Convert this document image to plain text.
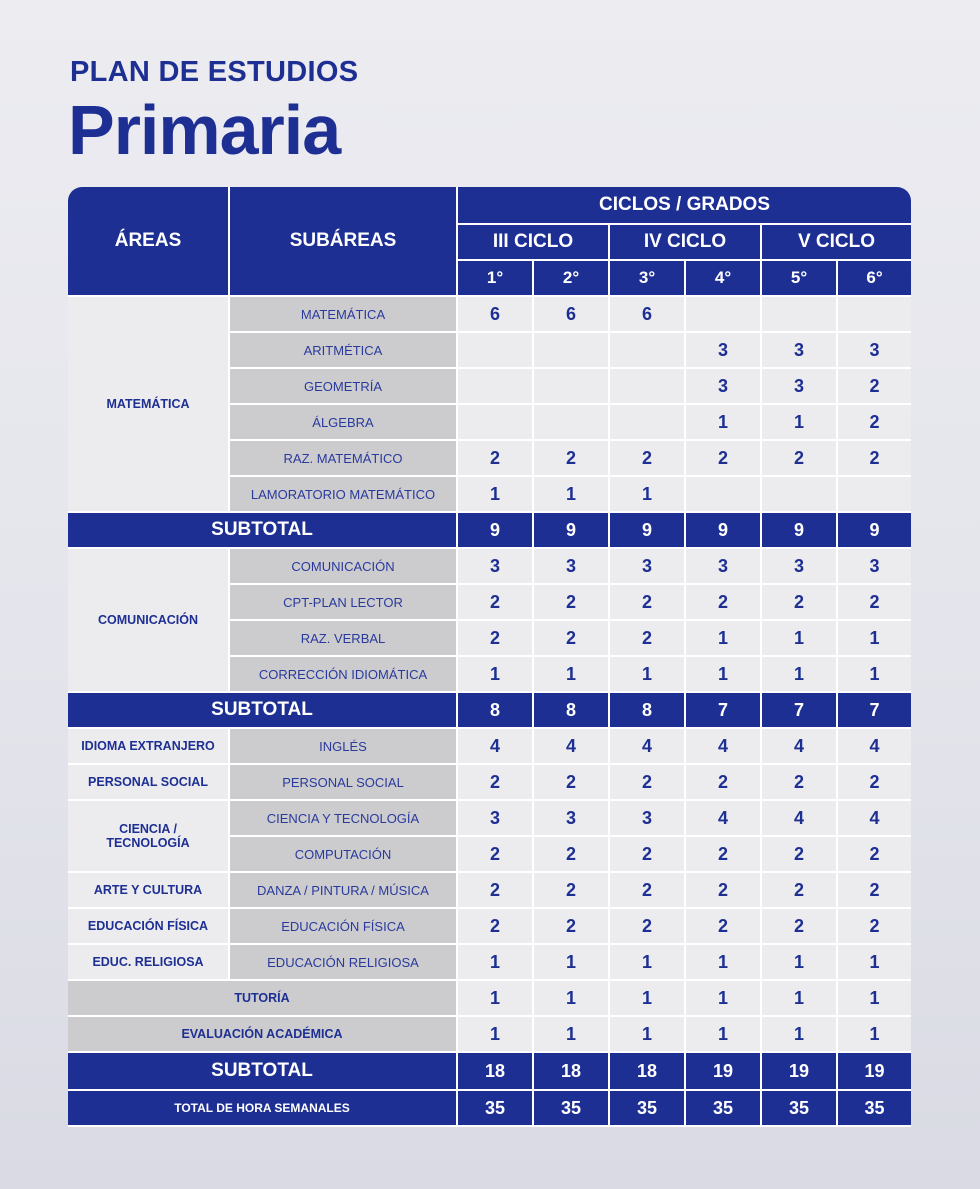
PLAN DE ESTUDIOS
Primaria
ÁREAS	SUBÁREAS	CICLOS / GRADOS					
		III CICLO		IV CICLO		V CICLO	
		1°	2°	3°	4°	5°	6°
MATEMÁTICA	MATEMÁTICA	6	6	6			
	ARITMÉTICA				3	3	3
	GEOMETRÍA				3	3	2
	ÁLGEBRA				1	1	2
	RAZ. MATEMÁTICO	2	2	2	2	2	2
	LAMORATORIO MATEMÁTICO	1	1	1			
SUBTOTAL		9	9	9	9	9	9
COMUNICACIÓN	COMUNICACIÓN	3	3	3	3	3	3
	CPT-PLAN LECTOR	2	2	2	2	2	2
	RAZ. VERBAL	2	2	2	1	1	1
	CORRECCIÓN IDIOMÁTICA	1	1	1	1	1	1
SUBTOTAL		8	8	8	7	7	7
IDIOMA EXTRANJERO	INGLÉS	4	4	4	4	4	4
PERSONAL SOCIAL	PERSONAL SOCIAL	2	2	2	2	2	2

CIENCIA /
TECNOLOGÍA	CIENCIA Y TECNOLOGÍA	3	3	3	4	4	4
	COMPUTACIÓN	2	2	2	2	2	2
ARTE Y CULTURA	DANZA / PINTURA / MÚSICA	2	2	2	2	2	2
EDUCACIÓN FÍSICA	EDUCACIÓN FÍSICA	2	2	2	2	2	2
EDUC. RELIGIOSA	EDUCACIÓN RELIGIOSA	1	1	1	1	1	1
TUTORÍA		1	1	1	1	1	1
EVALUACIÓN ACADÉMICA		1	1	1	1	1	1
SUBTOTAL		18	18	18	19	19	19
TOTAL DE HORA SEMANALES		35	35	35	35	35	35
